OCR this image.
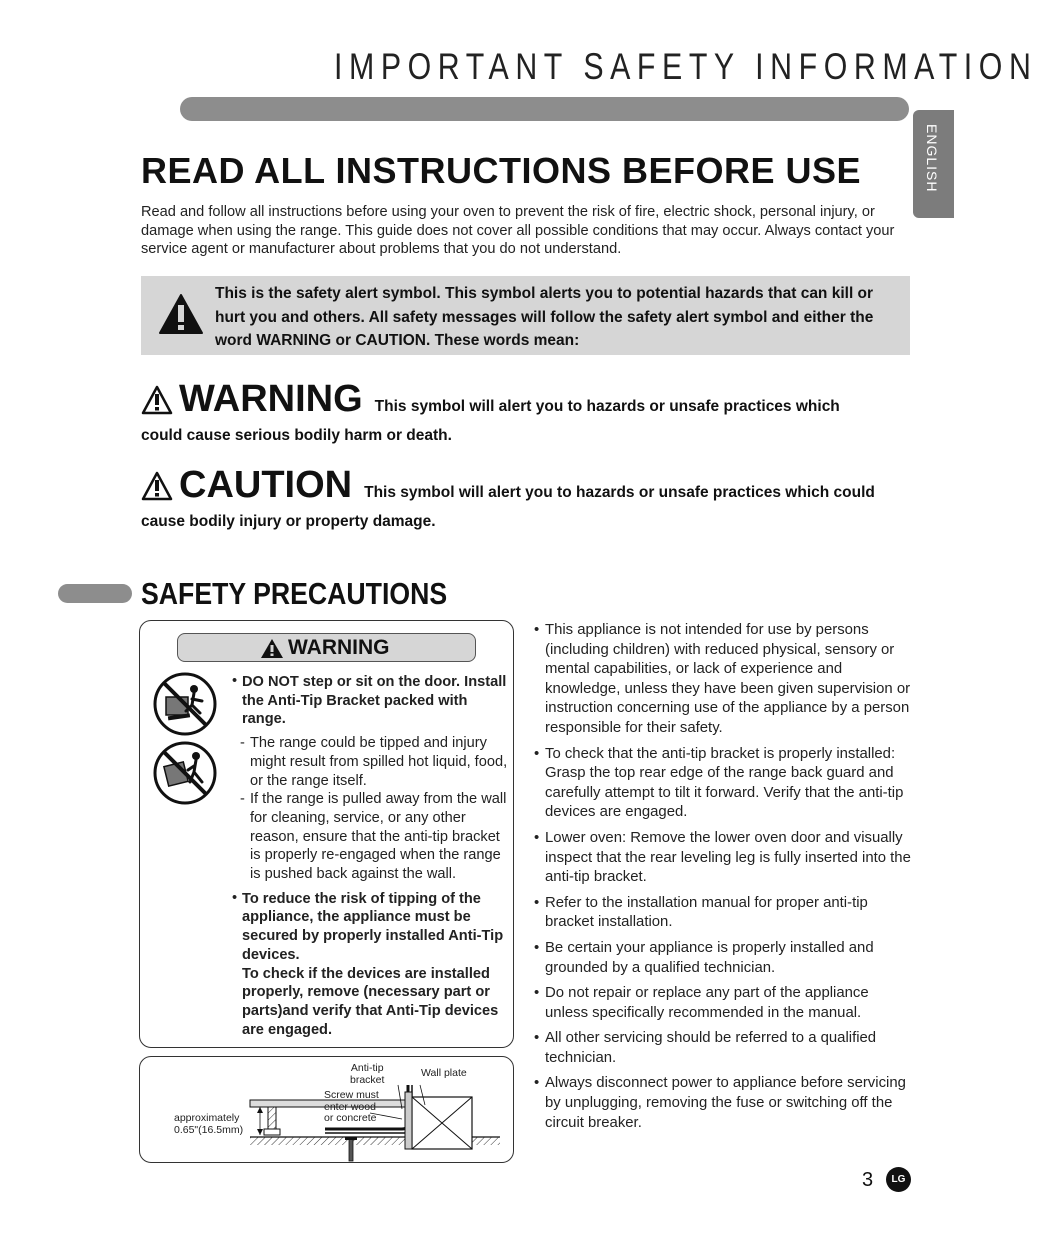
IMPORTANT SAFETY INFORMATION
ENGLISH
READ ALL INSTRUCTIONS BEFORE USE

Read and follow all instructions before using your oven to prevent the risk of fire, electric shock, personal injury, or damage when using the range. This guide does not cover all possible conditions that may occur. Always contact your service agent or manufacturer about problems that you do not understand.

This is the safety alert symbol. This symbol alerts you to potential hazards that can kill or hurt you and others. All safety messages will follow the safety alert symbol and either the word WARNING or CAUTION. These words mean:
WARNING This symbol will alert you to hazards or unsafe practices which
could cause serious bodily harm or death.
CAUTION This symbol will alert you to hazards or unsafe practices which could
cause bodily injury or property damage.
SAFETY PRECAUTIONS
WARNING
• DO NOT step or sit on the door. Install the Anti-Tip Bracket packed with range.
- The range could be tipped and injury might result from spilled hot liquid, food, or the range itself.
- If the range is pulled away from the wall for cleaning, service, or any other reason, ensure that the anti-tip bracket is properly re-engaged when the range is pushed back against the wall.
• To reduce the risk of tipping of the appliance, the appliance must be secured by properly installed Anti-Tip devices.
To check if the devices are installed properly, remove (necessary part or parts)and verify that Anti-Tip devices are engaged.
Anti-tip
bracket
Wall plate
Screw must
enter wood
or concrete
approximately
0.65"(16.5mm)
• This appliance is not intended for use by persons (including children) with reduced physical, sensory or mental capabilities, or lack of experience and knowledge, unless they have been given supervision or instruction concerning use of the appliance by a person responsible for their safety.
• To check that the anti-tip bracket is properly installed:
Grasp the top rear edge of the range back guard and carefully attempt to tilt it forward. Verify that the anti-tip devices are engaged.
• Lower oven: Remove the lower oven door and visually inspect that the rear leveling leg is fully inserted into the anti-tip bracket.
• Refer to the installation manual for proper anti-tip bracket installation.
• Be certain your appliance is properly installed and grounded by a qualified technician.
• Do not repair or replace any part of the appliance unless specifically recommended in the manual.
• All other servicing should be referred to a qualified technician.
• Always disconnect power to appliance before servicing by unplugging, removing the fuse or switching off the circuit breaker.
3 LG
